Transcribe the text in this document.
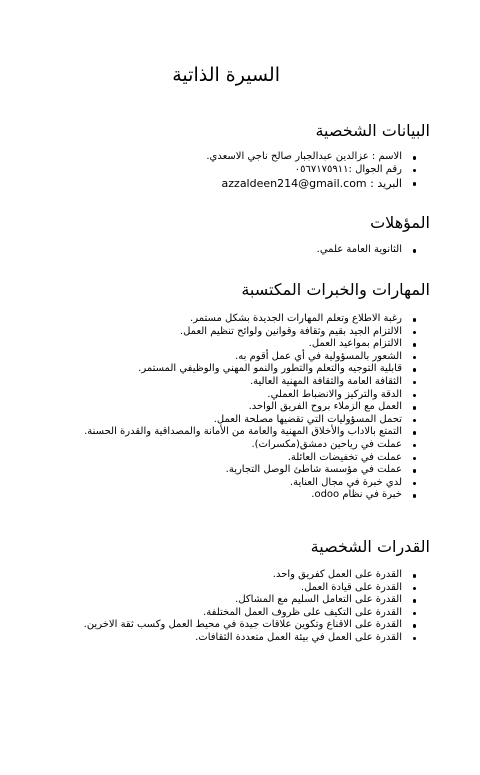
السيرة الذاتية
البيانات الشخصية
الاسم : عزالدين عبدالجبار صالح ناجي الاسعدي.
رقم الجوال :٠٥٦٧١٧٥٩١١
البريد : azzaldeen214@gmail.com
المؤهلات
الثانوية العامة علمي.
المهارات والخبرات المكتسبة
رغبة الاطلاع وتعلم المهارات الجديدة بشكل مستمر.
الالتزام الجيد بقيم وثقافة وقوانين ولوائح تنظيم العمل.
الالتزام بمواعيد العمل.
الشعور بالمسؤولية في أي عمل أقوم به.
قابلية التوجيه والتعلم والتطور والنمو المهني والوظيفي المستمر.
الثقافة العامة والثقافة المهنية العالية.
الدقة والتركيز والانضباط العملي.
العمل مع الزملاء بروح الفريق الواحد.
تحمل المسؤوليات التي تقضيها مصلحة العمل.
التمتع بالاداب والأخلاق المهنية والعامة من الأمانة والمصداقية والقدرة الحسنة.
عملت في رياحين دمشق(مكسرات).
عملت في تخفيضات العائلة.
عملت في مؤسسة شاطئ الوصل التجارية.
لدي خبرة في مجال العناية.
خبرة في نظام odoo.
القدرات الشخصية
القدرة على العمل كفريق واحد.
القدرة على قيادة العمل.
القدرة على التعامل السليم مع المشاكل.
القدرة على التكيف على ظروف العمل المختلفة.
القدرة على الاقناع وتكوين علاقات جيدة في محيط العمل وكسب ثقة الاخرين.
القدرة على العمل في بيئة العمل متعددة الثقافات.
